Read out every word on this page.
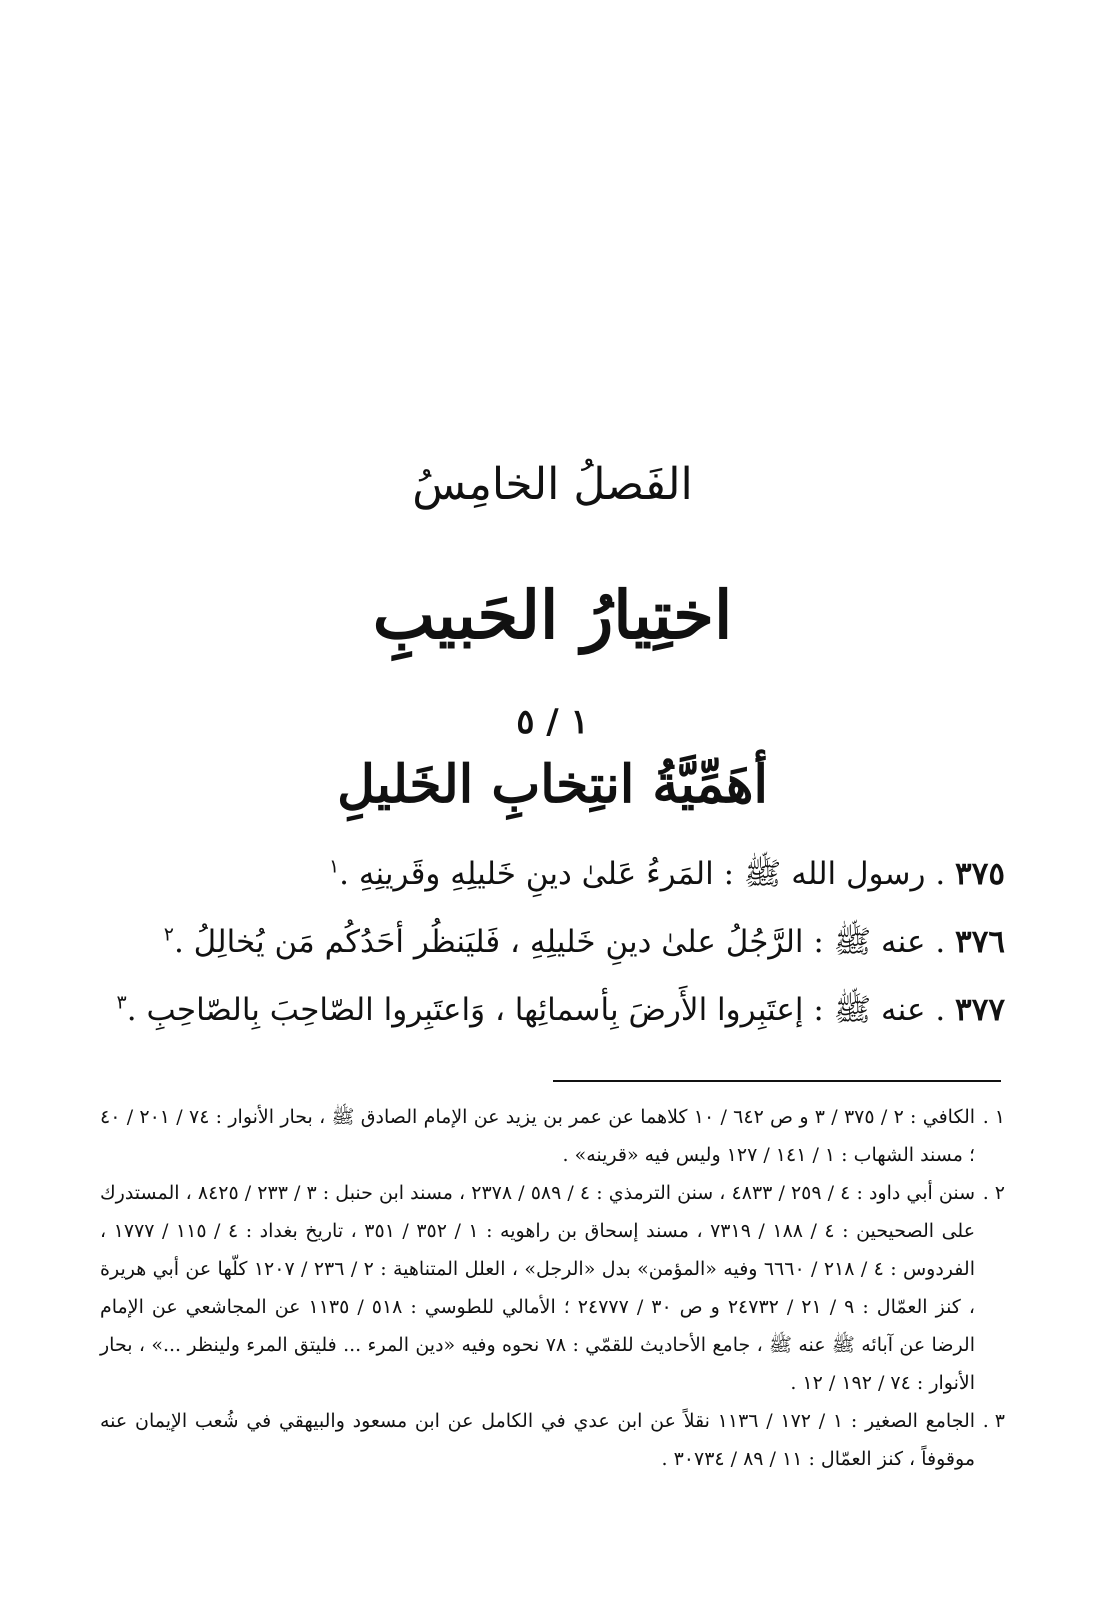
الفَصلُ الخامِسُ
اختِيارُ الحَبيبِ
١ / ٥
أهَمِّيَّةُ انتِخابِ الخَليلِ
٣٧٥ . رسول الله ﷺ : المَرءُ عَلىٰ دينِ خَليلِهِ وقَرينِهِ .$^١$
٣٧٦ . عنه ﷺ : الرَّجُلُ علىٰ دينِ خَليلِهِ ، فَليَنظُر أحَدُكُم مَن يُخالِلُ .$^٢$
٣٧٧ . عنه ﷺ : إعتَبِروا الأَرضَ بِأسمائِها ، وَاعتَبِروا الصّاحِبَ بِالصّاحِبِ .$^٣$
١ .
الكافي : ٢ / ٣٧٥ / ٣ و ص ٦٤٢ / ١٠ كلاهما عن عمر بن يزيد عن الإمام الصادق ﷺ ، بحار الأنوار : ٧٤ / ٢٠١ / ٤٠ ؛ مسند الشهاب : ١ / ١٤١ / ١٢٧ وليس فيه «قرينه» .
٢ .
سنن أبي داود : ٤ / ٢٥٩ / ٤٨٣٣ ، سنن الترمذي : ٤ / ٥٨٩ / ٢٣٧٨ ، مسند ابن حنبل : ٣ / ٢٣٣ / ٨٤٢٥ ، المستدرك على الصحيحين : ٤ / ١٨٨ / ٧٣١٩ ، مسند إسحاق بن راهويه : ١ / ٣٥٢ / ٣٥١ ، تاريخ بغداد : ٤ / ١١٥ / ١٧٧٧ ، الفردوس : ٤ / ٢١٨ / ٦٦٦٠ وفيه «المؤمن» بدل «الرجل» ، العلل المتناهية : ٢ / ٢٣٦ / ١٢٠٧ كلّها عن أبي هريرة ، كنز العمّال : ٩ / ٢١ / ٢٤٧٣٢ و ص ٣٠ / ٢٤٧٧٧ ؛ الأمالي للطوسي : ٥١٨ / ١١٣٥ عن المجاشعي عن الإمام الرضا عن آبائه ﷺ عنه ﷺ ، جامع الأحاديث للقمّي : ٧٨ نحوه وفيه «دين المرء ... فليتق المرء ولينظر ...» ، بحار الأنوار : ٧٤ / ١٩٢ / ١٢ .
٣ .
الجامع الصغير : ١ / ١٧٢ / ١١٣٦ نقلاً عن ابن عدي في الكامل عن ابن مسعود والبيهقي في شُعب الإيمان عنه موقوفاً ، كنز العمّال : ١١ / ٨٩ / ٣٠٧٣٤ .
